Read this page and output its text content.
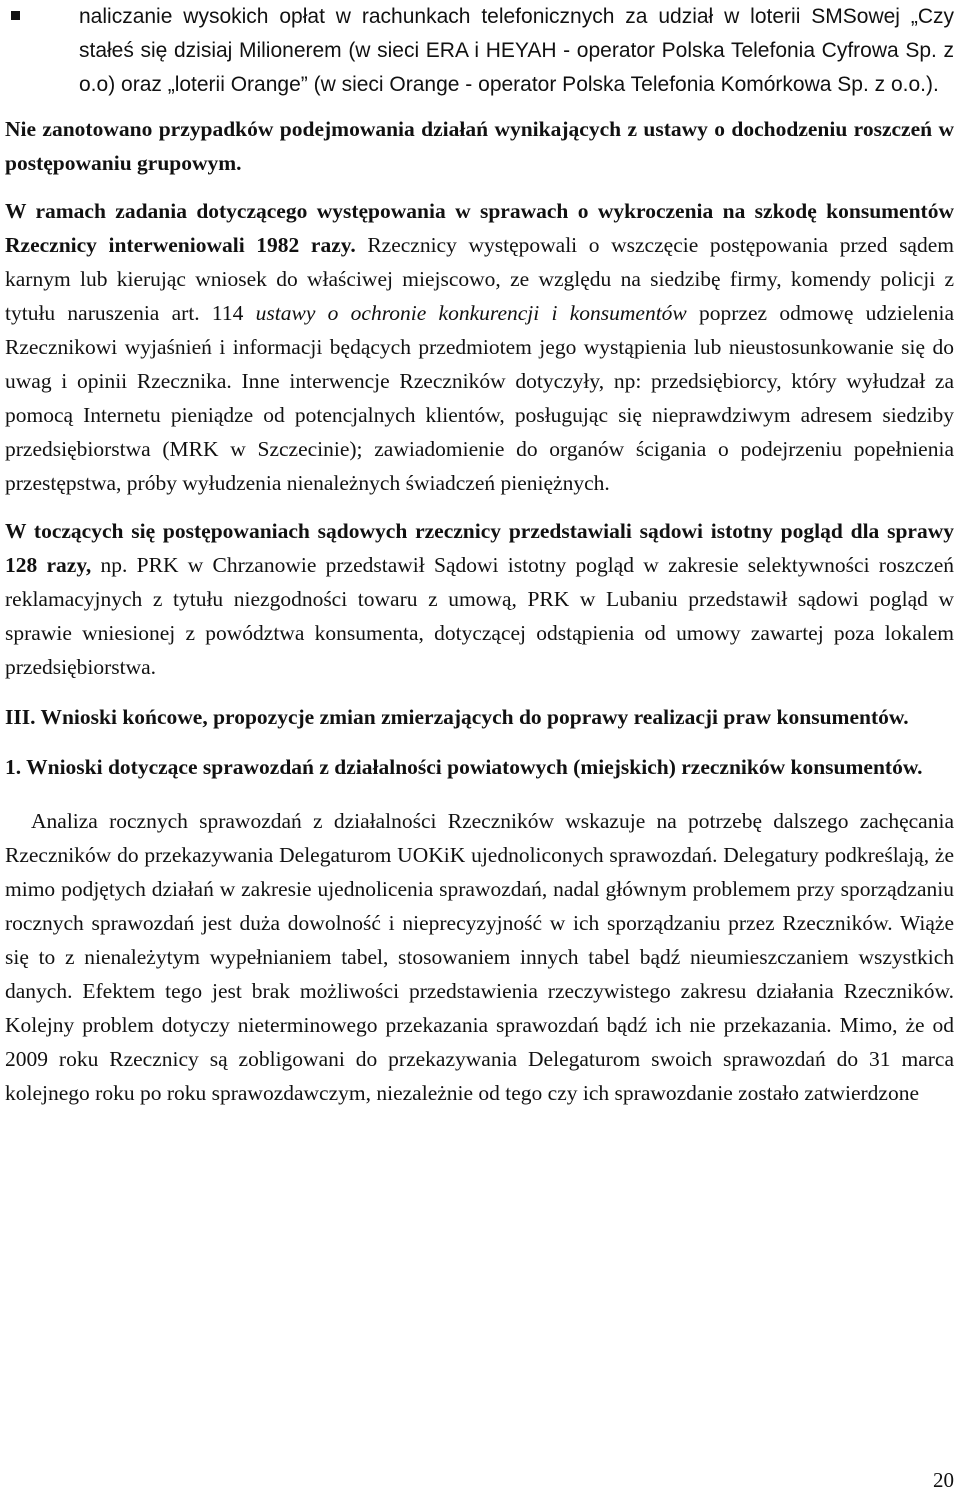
naliczanie wysokich opłat w rachunkach telefonicznych za udział w loterii SMSowej „Czy stałeś się dzisiaj Milionerem (w sieci ERA i HEYAH - operator Polska Telefonia Cyfrowa Sp. z o.o) oraz „loterii Orange” (w sieci Orange - operator Polska Telefonia Komórkowa Sp. z o.o.).

Nie zanotowano przypadków podejmowania działań wynikających z ustawy o dochodzeniu roszczeń w postępowaniu grupowym.

W ramach zadania dotyczącego występowania w sprawach o wykroczenia na szkodę konsumentów Rzecznicy interweniowali 1982 razy. Rzecznicy występowali o wszczęcie postępowania przed sądem karnym lub kierując wniosek do właściwej miejscowo, ze względu na siedzibę firmy, komendy policji z tytułu naruszenia art. 114 ustawy o ochronie konkurencji i konsumentów poprzez odmowę udzielenia Rzecznikowi wyjaśnień i informacji będących przedmiotem jego wystąpienia lub nieustosunkowanie się do uwag i opinii Rzecznika. Inne interwencje Rzeczników dotyczyły, np: przedsiębiorcy, który wyłudzał za pomocą Internetu pieniądze od potencjalnych klientów, posługując się nieprawdziwym adresem siedziby przedsiębiorstwa (MRK w Szczecinie); zawiadomienie do organów ścigania o podejrzeniu popełnienia przestępstwa, próby wyłudzenia nienależnych świadczeń pieniężnych.

W toczących się postępowaniach sądowych rzecznicy przedstawiali sądowi istotny pogląd dla sprawy 128 razy, np. PRK w Chrzanowie przedstawił Sądowi istotny pogląd w zakresie selektywności roszczeń reklamacyjnych z tytułu niezgodności towaru z umową, PRK w Lubaniu przedstawił sądowi pogląd w sprawie wniesionej z powództwa konsumenta, dotyczącej odstąpienia od umowy zawartej poza lokalem przedsiębiorstwa.

III. Wnioski końcowe, propozycje zmian zmierzających do poprawy realizacji praw konsumentów.

1. Wnioski dotyczące sprawozdań z działalności powiatowych (miejskich) rzeczników konsumentów.

Analiza rocznych sprawozdań z działalności Rzeczników wskazuje na potrzebę dalszego zachęcania Rzeczników do przekazywania Delegaturom UOKiK ujednoliconych sprawozdań. Delegatury podkreślają, że mimo podjętych działań w zakresie ujednolicenia sprawozdań, nadal głównym problemem przy sporządzaniu rocznych sprawozdań jest duża dowolność i nieprecyzyjność w ich sporządzaniu przez Rzeczników. Wiąże się to z nienależytym wypełnianiem tabel, stosowaniem innych tabel bądź nieumieszczaniem wszystkich danych. Efektem tego jest brak możliwości przedstawienia rzeczywistego zakresu działania Rzeczników. Kolejny problem dotyczy nieterminowego przekazania sprawozdań bądź ich nie przekazania. Mimo, że od 2009 roku Rzecznicy są zobligowani do przekazywania Delegaturom swoich sprawozdań do 31 marca kolejnego roku po roku sprawozdawczym, niezależnie od tego czy ich sprawozdanie zostało zatwierdzone

20
